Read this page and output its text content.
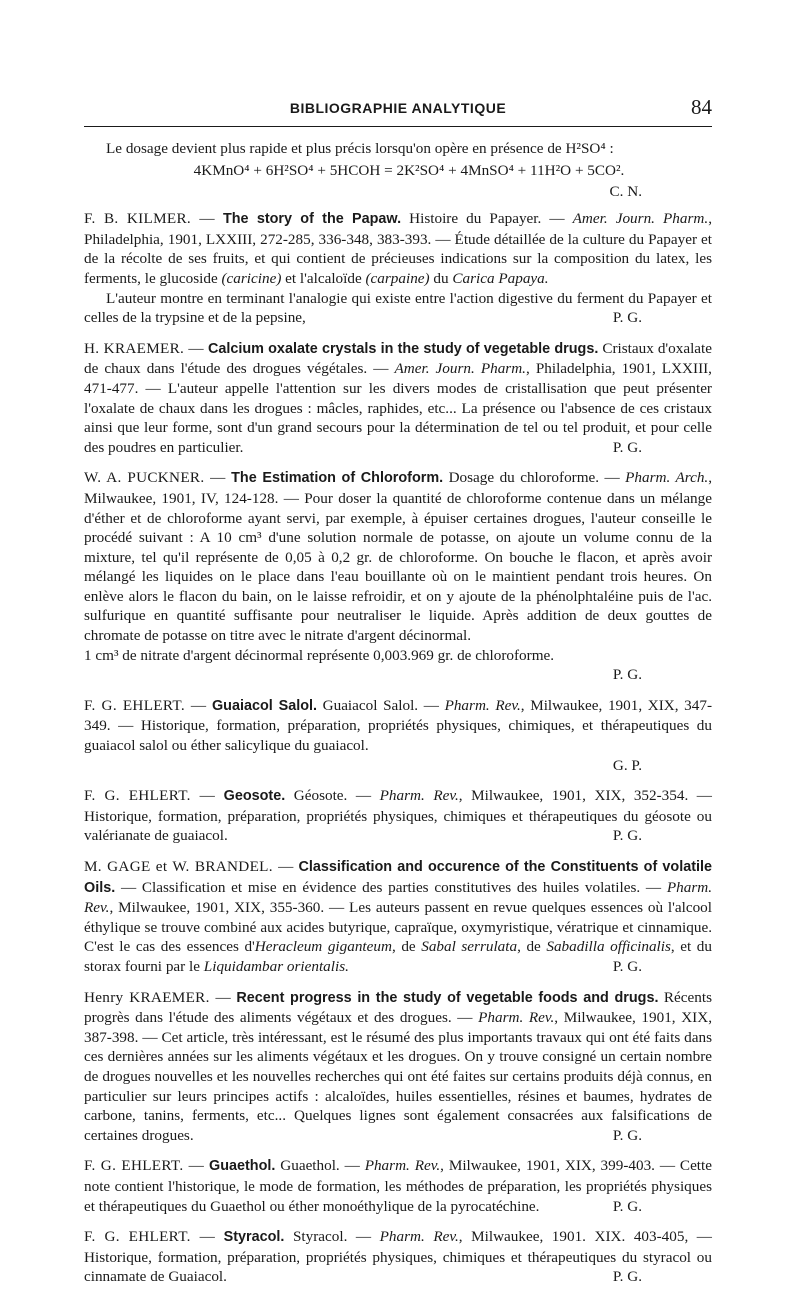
BIBLIOGRAPHIE ANALYTIQUE	84

Le dosage devient plus rapide et plus précis lorsqu'on opère en présence de H²SO⁴ :

4KMnO⁴ + 6H²SO⁴ + 5HCOH = 2K²SO⁴ + 4MnSO⁴ + 11H²O + 5CO².
C. N.

F. B. KILMER. — The story of the Papaw. Histoire du Papayer. — Amer. Journ. Pharm., Philadelphia, 1901, LXXIII, 272-285, 336-348, 383-393. — Étude détaillée de la culture du Papayer et de la récolte de ses fruits, et qui contient de précieuses indications sur la composition du latex, les ferments, le glucoside (caricine) et l'alcaloïde (carpaine) du Carica Papaya.

L'auteur montre en terminant l'analogie qui existe entre l'action digestive du ferment du Papayer et celles de la trypsine et de la pepsine,	P. G.

H. KRAEMER. — Calcium oxalate crystals in the study of vegetable drugs. Cristaux d'oxalate de chaux dans l'étude des drogues végétales. — Amer. Journ. Pharm., Philadelphia, 1901, LXXIII, 471-477. — L'auteur appelle l'attention sur les divers modes de cristallisation que peut présenter l'oxalate de chaux dans les drogues : mâcles, raphides, etc... La présence ou l'absence de ces cristaux ainsi que leur forme, sont d'un grand secours pour la détermination de tel ou tel produit, et pour celle des poudres en particulier.	P. G.

W. A. PUCKNER. — The Estimation of Chloroform. Dosage du chloroforme. — Pharm. Arch., Milwaukee, 1901, IV, 124-128. — Pour doser la quantité de chloroforme contenue dans un mélange d'éther et de chloroforme ayant servi, par exemple, à épuiser certaines drogues, l'auteur conseille le procédé suivant : A 10 cm³ d'une solution normale de potasse, on ajoute un volume connu de la mixture, tel qu'il représente de 0,05 à 0,2 gr. de chloroforme. On bouche le flacon, et après avoir mélangé les liquides on le place dans l'eau bouillante où on le maintient pendant trois heures. On enlève alors le flacon du bain, on le laisse refroidir, et on y ajoute de la phénolphtaléine puis de l'ac. sulfurique en quantité suffisante pour neutraliser le liquide. Après addition de deux gouttes de chromate de potasse on titre avec le nitrate d'argent décinormal.

1 cm³ de nitrate d'argent décinormal représente 0,003.969 gr. de chloroforme.

P. G.

F. G. EHLERT. — Guaiacol Salol. Guaiacol Salol. — Pharm. Rev., Milwaukee, 1901, XIX, 347-349. — Historique, formation, préparation, propriétés physiques, chimiques, et thérapeutiques du guaiacol salol ou éther salicylique du guaiacol.

G. P.

F. G. EHLERT. — Geosote. Géosote. — Pharm. Rev., Milwaukee, 1901, XIX, 352-354. — Historique, formation, préparation, propriétés physiques, chimiques et thérapeutiques du géosote ou valérianate de guaiacol.	P. G.

M. GAGE et W. BRANDEL. — Classification and occurence of the Constituents of volatile Oils. — Classification et mise en évidence des parties constitutives des huiles volatiles. — Pharm. Rev., Milwaukee, 1901, XIX, 355-360. — Les auteurs passent en revue quelques essences où l'alcool éthylique se trouve combiné aux acides butyrique, capraïque, oxymyristique, vératrique et cinnamique. C'est le cas des essences d'Heracleum giganteum, de Sabal serrulata, de Sabadilla officinalis, et du storax fourni par le Liquidambar orientalis.	P. G.

Henry KRAEMER. — Recent progress in the study of vegetable foods and drugs. Récents progrès dans l'étude des aliments végétaux et des drogues. — Pharm. Rev., Milwaukee, 1901, XIX, 387-398. — Cet article, très intéressant, est le résumé des plus importants travaux qui ont été faits dans ces dernières années sur les aliments végétaux et les drogues. On y trouve consigné un certain nombre de drogues nouvelles et les nouvelles recherches qui ont été faites sur certains produits déjà connus, en particulier sur leurs principes actifs : alcaloïdes, huiles essentielles, résines et baumes, hydrates de carbone, tanins, ferments, etc... Quelques lignes sont également consacrées aux falsifications de certaines drogues.	P. G.

F. G. EHLERT. — Guaethol. Guaethol. — Pharm. Rev., Milwaukee, 1901, XIX, 399-403. — Cette note contient l'historique, le mode de formation, les méthodes de préparation, les propriétés physiques et thérapeutiques du Guaethol ou éther monoéthylique de la pyrocatéchine.	P. G.

F. G. EHLERT. — Styracol. Styracol. — Pharm. Rev., Milwaukee, 1901. XIX. 403-405, — Historique, formation, préparation, propriétés physiques, chimiques et thérapeutiques du styracol ou cinnamate de Guaiacol.	P. G.
